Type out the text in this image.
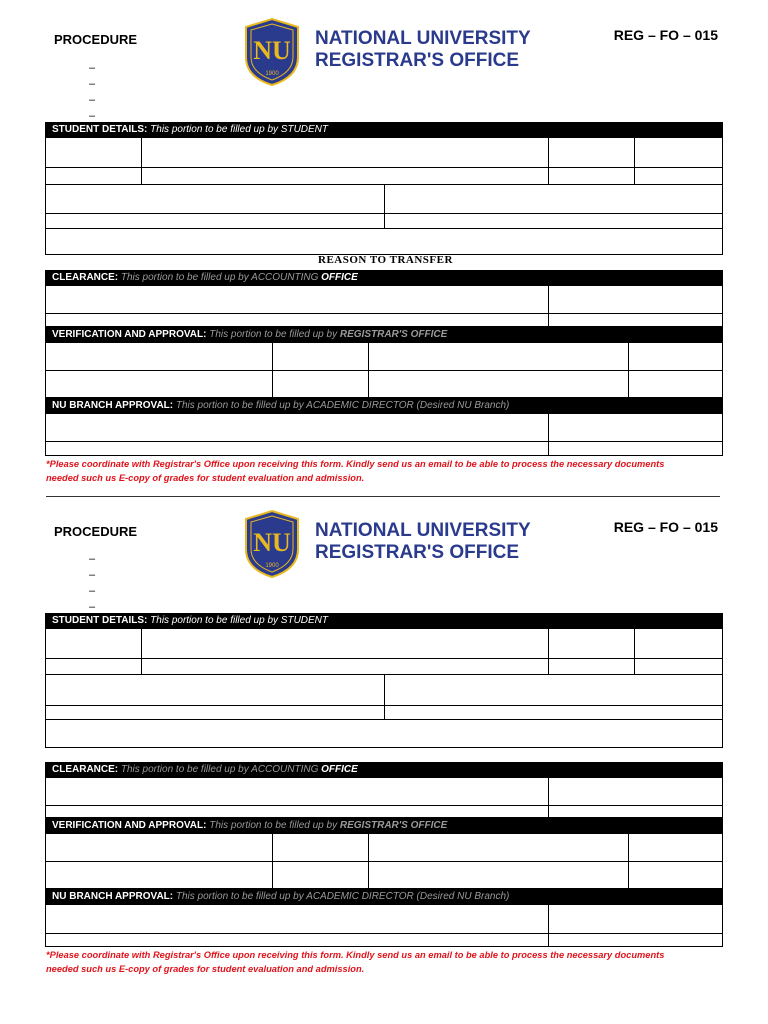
PROCEDURE
–
–
–
–
NU
1900
NATIONAL UNIVERSITY
REGISTRAR'S OFFICE
REG – FO – 015
STUDENT DETAILS: This portion to be filled up by STUDENT
REASON TO TRANSFER
CLEARANCE: This portion to be filled up by ACCOUNTING OFFICE
VERIFICATION AND APPROVAL: This portion to be filled up by REGISTRAR'S OFFICE
NU BRANCH APPROVAL: This portion to be filled up by ACADEMIC DIRECTOR (Desired NU Branch)
*Please coordinate with Registrar's Office upon receiving this form. Kindly send us an email to be able to process the necessary documents
needed such us E-copy of grades for student evaluation and admission.
PROCEDURE
–
–
–
–
NU
1900
NATIONAL UNIVERSITY
REGISTRAR'S OFFICE
REG – FO – 015
STUDENT DETAILS: This portion to be filled up by STUDENT
CLEARANCE: This portion to be filled up by ACCOUNTING OFFICE
VERIFICATION AND APPROVAL: This portion to be filled up by REGISTRAR'S OFFICE
NU BRANCH APPROVAL: This portion to be filled up by ACADEMIC DIRECTOR (Desired NU Branch)
*Please coordinate with Registrar's Office upon receiving this form. Kindly send us an email to be able to process the necessary documents
needed such us E-copy of grades for student evaluation and admission.
